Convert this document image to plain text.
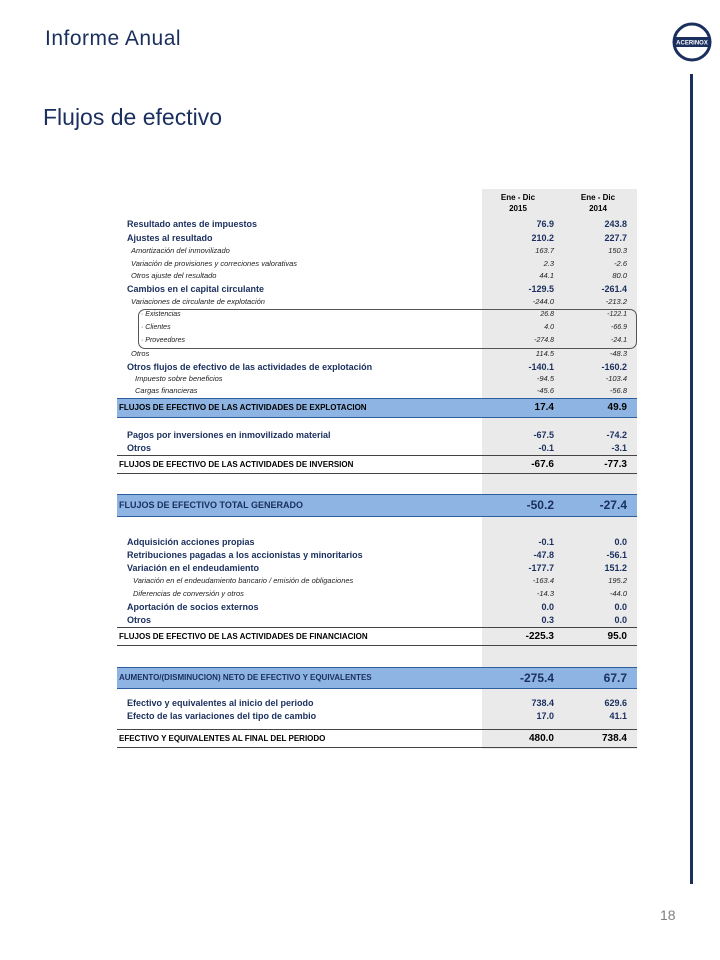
Informe Anual	ACERINOX
Flujos de efectivo
Ene - Dic
2015
Ene - Dic
2014
Resultado antes de impuestos	76.9	243.8
Ajustes al resultado	210.2	227.7
Amortización del inmovilizado	163.7	150.3
Variación de provisiones y correciones valorativas	2.3	-2.6
Otros ajuste del resultado	44.1	80.0
Cambios en el capital circulante	-129.5	-261.4
Variaciones de circulante de explotación	-244.0	-213.2
· Existencias	26.8	-122.1
· Clientes	4.0	-66.9
· Proveedores	-274.8	-24.1
Otros	114.5	-48.3
Otros flujos de efectivo de las actividades de explotación	-140.1	-160.2
Impuesto sobre beneficios	-94.5	-103.4
Cargas financieras	-45.6	-56.8
FLUJOS DE EFECTIVO DE LAS ACTIVIDADES DE EXPLOTACION	17.4	49.9
Pagos por inversiones en inmovilizado material	-67.5	-74.2
Otros	-0.1	-3.1
FLUJOS DE EFECTIVO DE LAS ACTIVIDADES DE INVERSION	-67.6	-77.3
FLUJOS DE EFECTIVO TOTAL GENERADO	-50.2	-27.4
Adquisición acciones propias	-0.1	0.0
Retribuciones pagadas a los accionistas y minoritarios	-47.8	-56.1
Variación en el endeudamiento	-177.7	151.2
Variación en el endeudamiento bancario / emisión de obligaciones	-163.4	195.2
Diferencias de conversión y otros	-14.3	-44.0
Aportación de socios externos	0.0	0.0
Otros	0.3	0.0
FLUJOS DE EFECTIVO DE LAS ACTIVIDADES DE FINANCIACION	-225.3	95.0
AUMENTO/(DISMINUCION) NETO DE EFECTIVO Y EQUIVALENTES	-275.4	67.7
Efectivo y equivalentes al inicio del periodo	738.4	629.6
Efecto de las variaciones del tipo de cambio	17.0	41.1
EFECTIVO Y EQUIVALENTES AL FINAL DEL PERIODO	480.0	738.4
18
